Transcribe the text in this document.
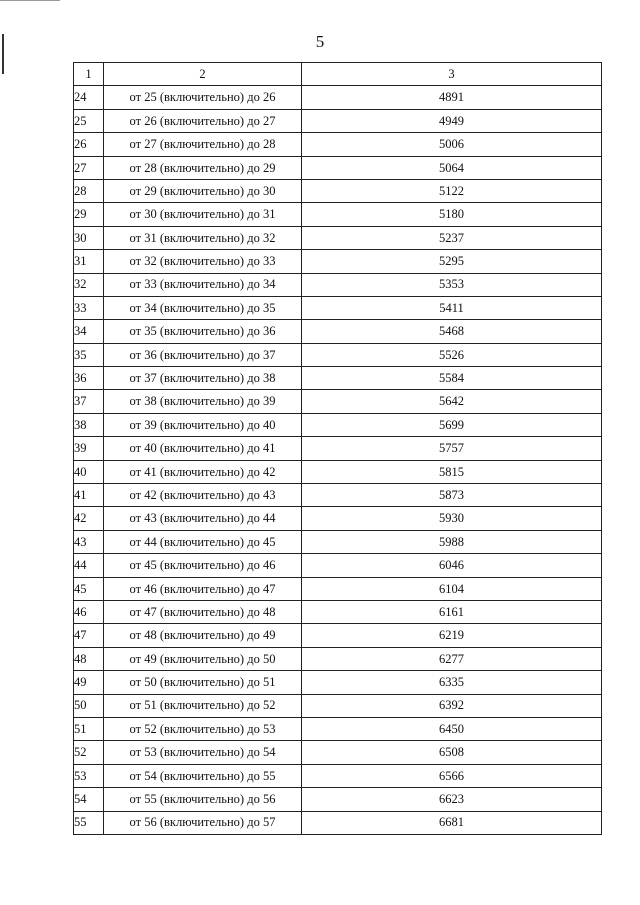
5
1	2	3
24	от 25 (включительно) до 26	4891
25	от 26 (включительно) до 27	4949
26	от 27 (включительно) до 28	5006
27	от 28 (включительно) до 29	5064
28	от 29 (включительно) до 30	5122
29	от 30 (включительно) до 31	5180
30	от 31 (включительно) до 32	5237
31	от 32 (включительно) до 33	5295
32	от 33 (включительно) до 34	5353
33	от 34 (включительно) до 35	5411
34	от 35 (включительно) до 36	5468
35	от 36 (включительно) до 37	5526
36	от 37 (включительно) до 38	5584
37	от 38 (включительно) до 39	5642
38	от 39 (включительно) до 40	5699
39	от 40 (включительно) до 41	5757
40	от 41 (включительно) до 42	5815
41	от 42 (включительно) до 43	5873
42	от 43 (включительно) до 44	5930
43	от 44 (включительно) до 45	5988
44	от 45 (включительно) до 46	6046
45	от 46 (включительно) до 47	6104
46	от 47 (включительно) до 48	6161
47	от 48 (включительно) до 49	6219
48	от 49 (включительно) до 50	6277
49	от 50 (включительно) до 51	6335
50	от 51 (включительно) до 52	6392
51	от 52 (включительно) до 53	6450
52	от 53 (включительно) до 54	6508
53	от 54 (включительно) до 55	6566
54	от 55 (включительно) до 56	6623
55	от 56 (включительно) до 57	6681
